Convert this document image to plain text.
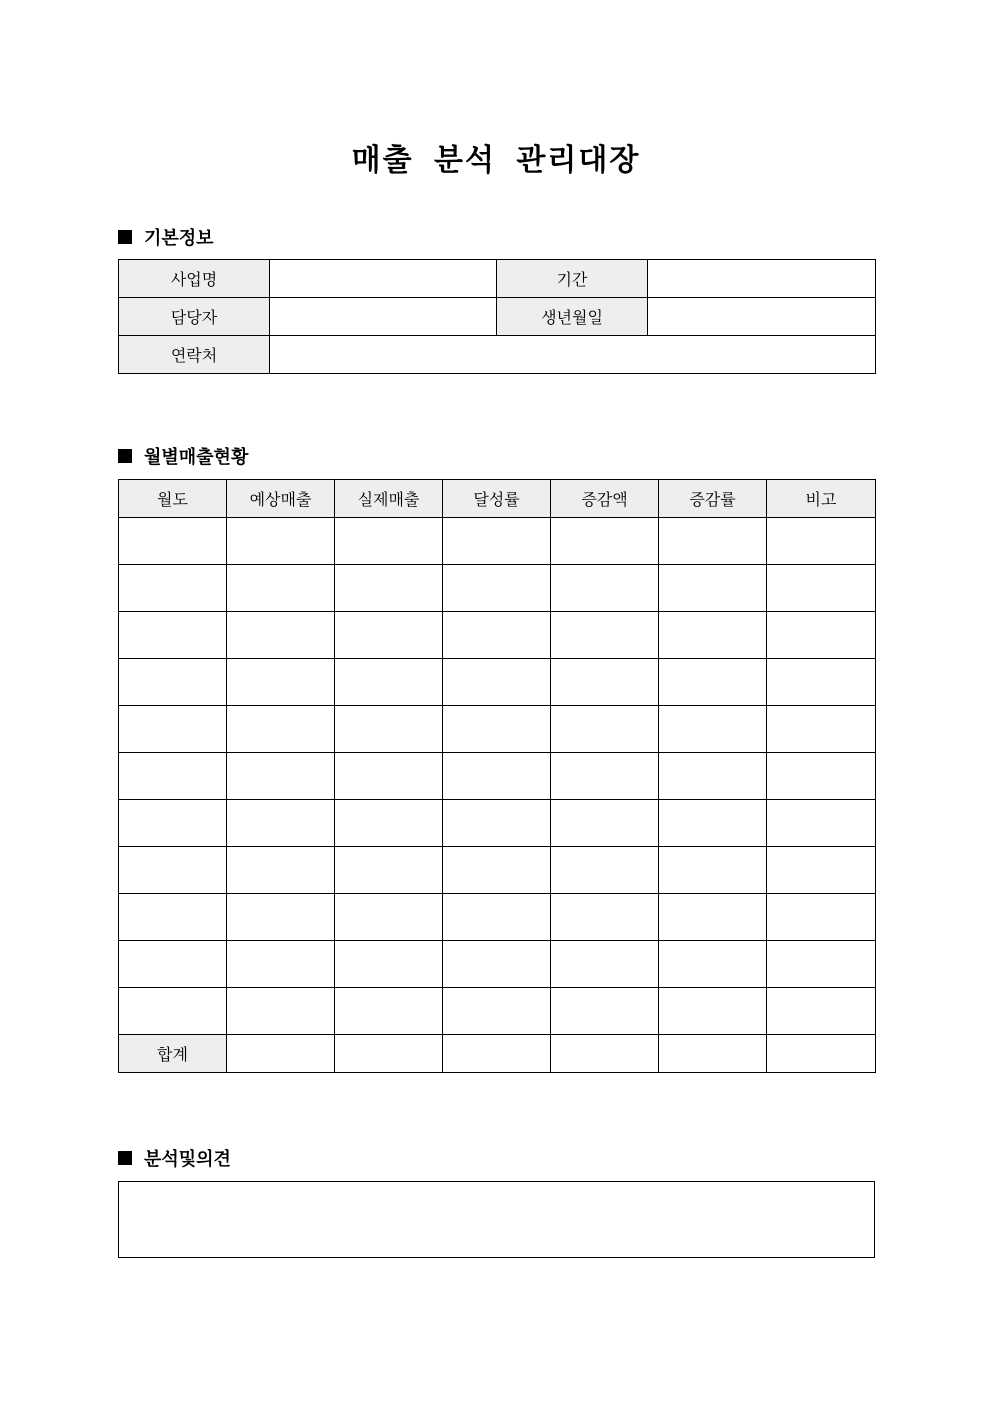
매출 분석 관리대장
기본정보
사업명		기간	
담당자		생년월일	
연락처			
월별매출현황
월도	예상매출	실제매출	달성률	증감액	증감률	비고

합계						
분석및의견
